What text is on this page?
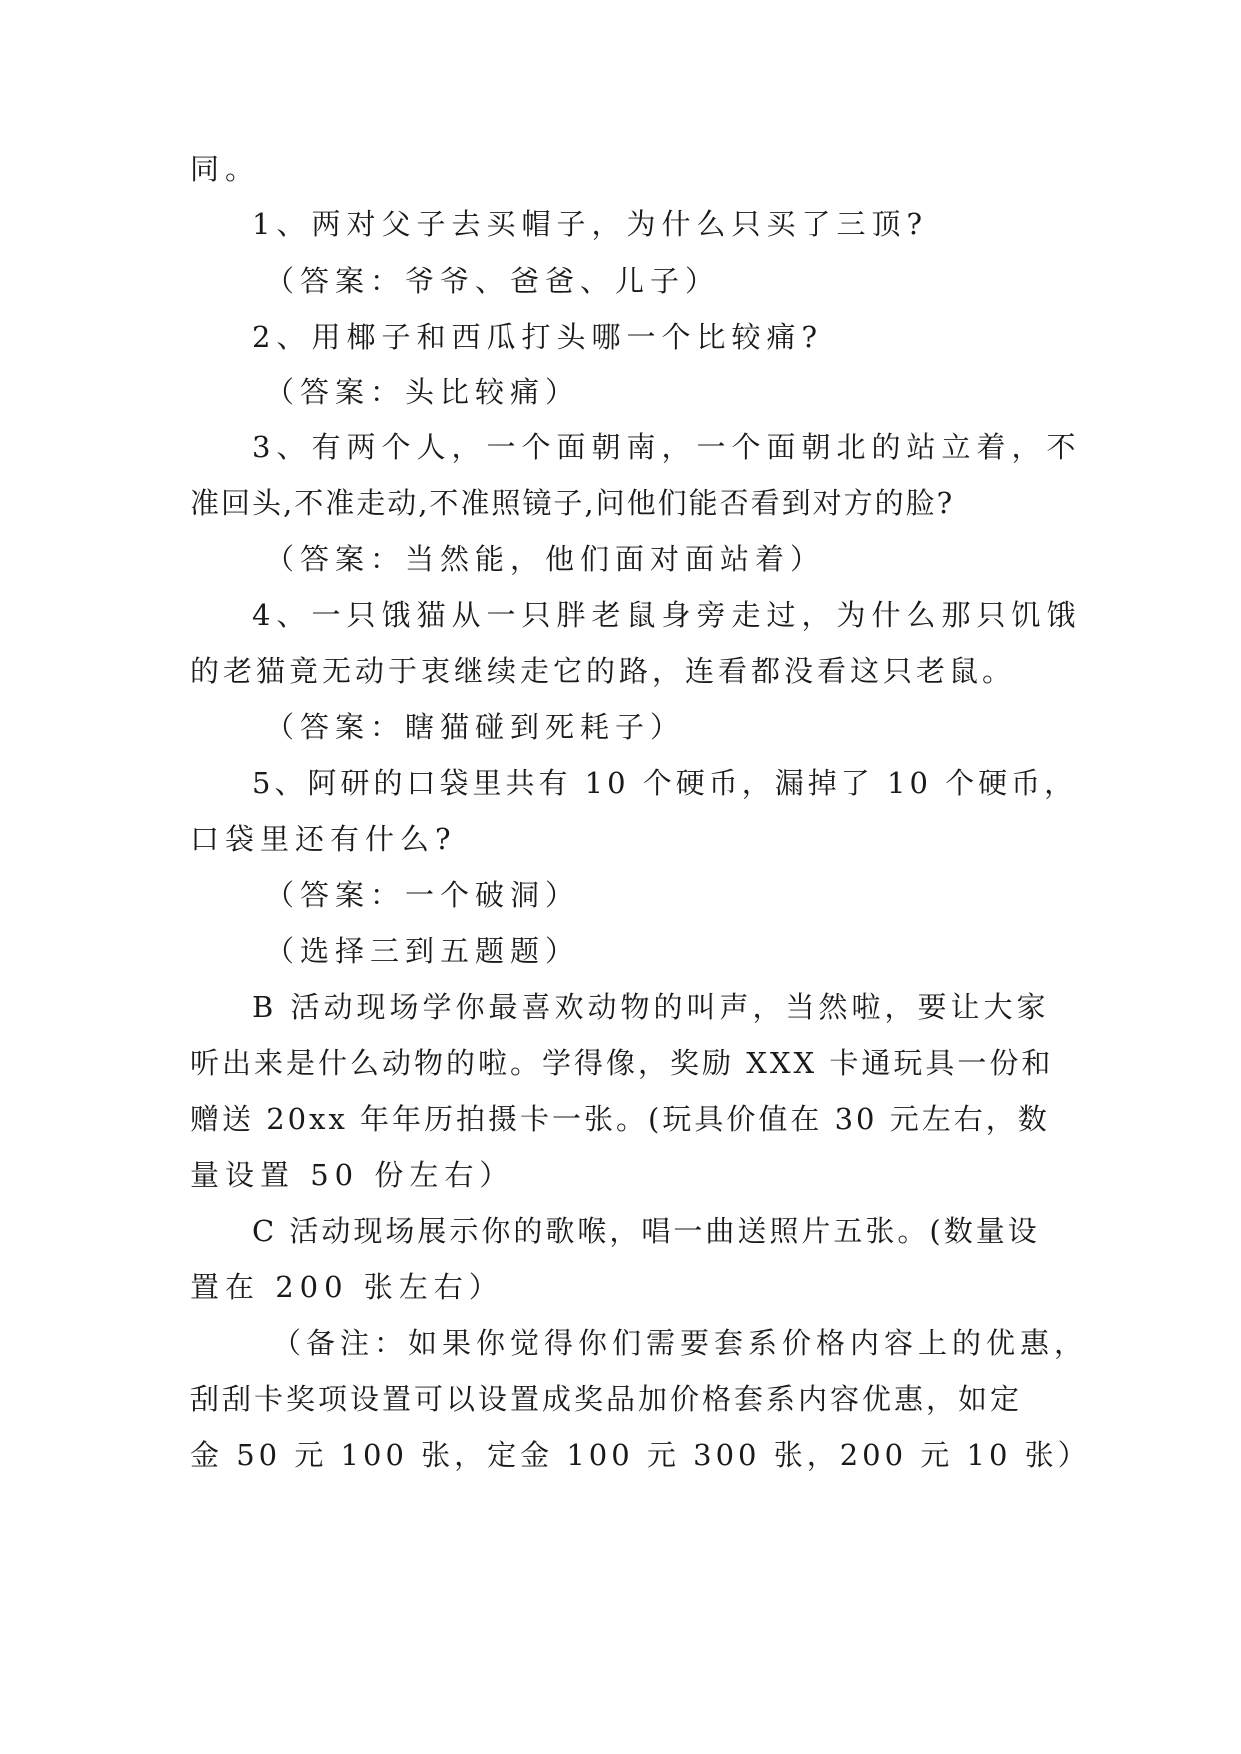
同。
1、两对父子去买帽子，为什么只买了三顶?
（答案：爷爷、爸爸、儿子）
2、用椰子和西瓜打头哪一个比较痛?
（答案：头比较痛）
3、有两个人，一个面朝南，一个面朝北的站立着，不
准回头,不准走动,不准照镜子,问他们能否看到对方的脸?
（答案：当然能，他们面对面站着）
4、一只饿猫从一只胖老鼠身旁走过，为什么那只饥饿
的老猫竟无动于衷继续走它的路，连看都没看这只老鼠。
（答案：瞎猫碰到死耗子）
5、阿研的口袋里共有 10 个硬币，漏掉了 10 个硬币，
口袋里还有什么?
（答案：一个破洞）
（选择三到五题题）
B 活动现场学你最喜欢动物的叫声，当然啦，要让大家
听出来是什么动物的啦。学得像，奖励 XXX 卡通玩具一份和
赠送 20xx 年年历拍摄卡一张。(玩具价值在 30 元左右，数
量设置 50 份左右）
C 活动现场展示你的歌喉，唱一曲送照片五张。(数量设
置在 200 张左右）
（备注：如果你觉得你们需要套系价格内容上的优惠，
刮刮卡奖项设置可以设置成奖品加价格套系内容优惠，如定
金 50 元 100 张，定金 100 元 300 张，200 元 10 张）
